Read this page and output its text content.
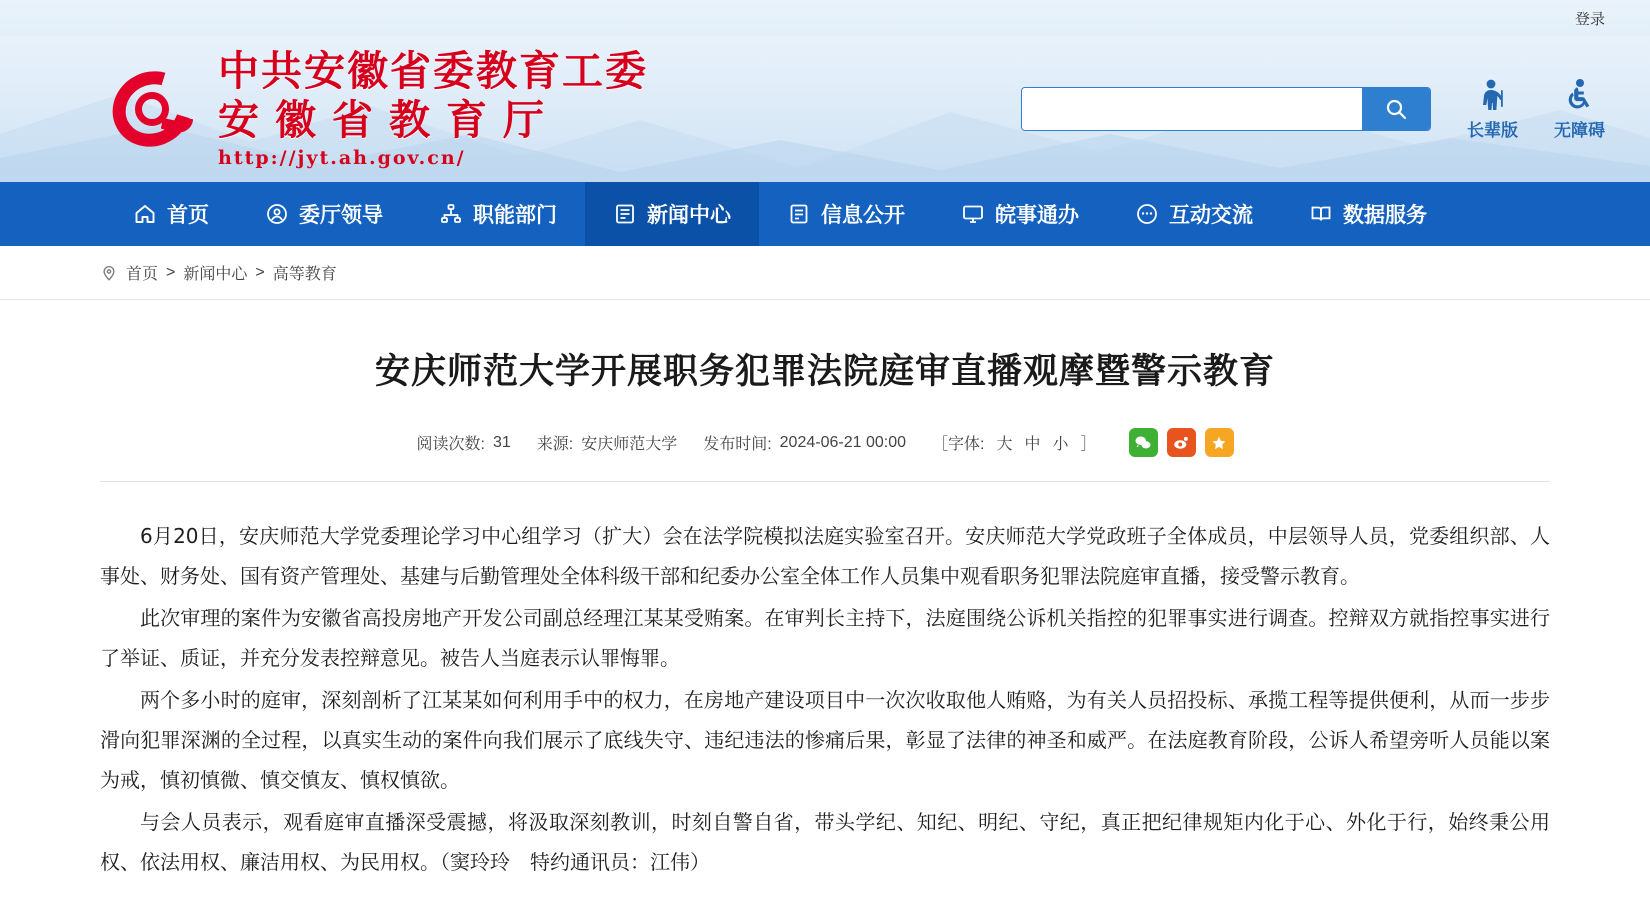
登录
中共安徽省委教育工委
安徽省教育厅
http://jyt.ah.gov.cn/
长辈版 无障碍
首页	委厅领导	职能部门	新闻中心	信息公开	皖事通办	互动交流	数据服务
首页 > 新闻中心 > 高等教育
安庆师范大学开展职务犯罪法院庭审直播观摩暨警示教育
阅读次数: 31 来源: 安庆师范大学 发布时间: 2024-06-21 00:00 ［字体: 大 中 小 ］

6月20日，安庆师范大学党委理论学习中心组学习（扩大）会在法学院模拟法庭实验室召开。安庆师范大学党政班子全体成员，中层领导人员，党委组织部、人事处、财务处、国有资产管理处、基建与后勤管理处全体科级干部和纪委办公室全体工作人员集中观看职务犯罪法院庭审直播，接受警示教育。

此次审理的案件为安徽省高投房地产开发公司副总经理江某某受贿案。在审判长主持下，法庭围绕公诉机关指控的犯罪事实进行调查。控辩双方就指控事实进行了举证、质证，并充分发表控辩意见。被告人当庭表示认罪悔罪。

两个多小时的庭审，深刻剖析了江某某如何利用手中的权力，在房地产建设项目中一次次收取他人贿赂，为有关人员招投标、承揽工程等提供便利，从而一步步滑向犯罪深渊的全过程，以真实生动的案件向我们展示了底线失守、违纪违法的惨痛后果，彰显了法律的神圣和威严。在法庭教育阶段，公诉人希望旁听人员能以案为戒，慎初慎微、慎交慎友、慎权慎欲。

与会人员表示，观看庭审直播深受震撼，将汲取深刻教训，时刻自警自省，带头学纪、知纪、明纪、守纪，真正把纪律规矩内化于心、外化于行，始终秉公用权、依法用权、廉洁用权、为民用权。（窦玲玲　特约通讯员：江伟）
